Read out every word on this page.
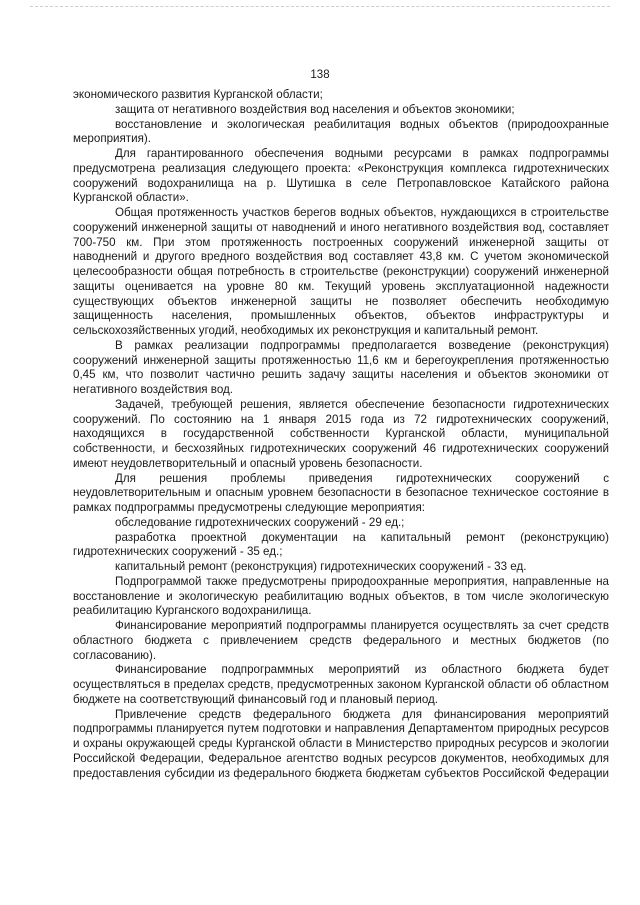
138

экономического развития Курганской области;

защита от негативного воздействия вод населения и объектов экономики;

восстановление и экологическая реабилитация водных объектов (природоохранные мероприятия).

Для гарантированного обеспечения водными ресурсами в рамках подпрограммы предусмотрена реализация следующего проекта: «Реконструкция комплекса гидротехнических сооружений водохранилища на р. Шутишка в селе Петропавловское Катайского района Курганской области».

Общая протяженность участков берегов водных объектов, нуждающихся в строительстве сооружений инженерной защиты от наводнений и иного негативного воздействия вод, составляет 700-750 км. При этом протяженность построенных сооружений инженерной защиты от наводнений и другого вредного воздействия вод составляет 43,8 км. С учетом экономической целесообразности общая потребность в строительстве (реконструкции) сооружений инженерной защиты оценивается на уровне 80 км. Текущий уровень эксплуатационной надежности существующих объектов инженерной защиты не позволяет обеспечить необходимую защищенность населения, промышленных объектов, объектов инфраструктуры и сельскохозяйственных угодий, необходимых их реконструкция и капитальный ремонт.

В рамках реализации подпрограммы предполагается возведение (реконструкция) сооружений инженерной защиты протяженностью 11,6 км и берегоукрепления протяженностью 0,45 км, что позволит частично решить задачу защиты населения и объектов экономики от негативного воздействия вод.

Задачей, требующей решения, является обеспечение безопасности гидротехнических сооружений. По состоянию на 1 января 2015 года из 72 гидротехнических сооружений, находящихся в государственной собственности Курганской области, муниципальной собственности, и бесхозяйных гидротехнических сооружений 46 гидротехнических сооружений имеют неудовлетворительный и опасный уровень безопасности.

Для решения проблемы приведения гидротехнических сооружений с неудовлетворительным и опасным уровнем безопасности в безопасное техническое состояние в рамках подпрограммы предусмотрены следующие мероприятия:

обследование гидротехнических сооружений - 29 ед.;

разработка проектной документации на капитальный ремонт (реконструкцию) гидротехнических сооружений - 35 ед.;

капитальный ремонт (реконструкция) гидротехнических сооружений - 33 ед.

Подпрограммой также предусмотрены природоохранные мероприятия, направленные на восстановление и экологическую реабилитацию водных объектов, в том числе экологическую реабилитацию Курганского водохранилища.

Финансирование мероприятий подпрограммы планируется осуществлять за счет средств областного бюджета с привлечением средств федерального и местных бюджетов (по согласованию).

Финансирование подпрограммных мероприятий из областного бюджета будет осуществляться в пределах средств, предусмотренных законом Курганской области об областном бюджете на соответствующий финансовый год и плановый период.

Привлечение средств федерального бюджета для финансирования мероприятий подпрограммы планируется путем подготовки и направления Департаментом природных ресурсов и охраны окружающей среды Курганской области в Министерство природных ресурсов и экологии Российской Федерации, Федеральное агентство водных ресурсов документов, необходимых для предоставления субсидии из федерального бюджета бюджетам субъектов Российской Федерации
